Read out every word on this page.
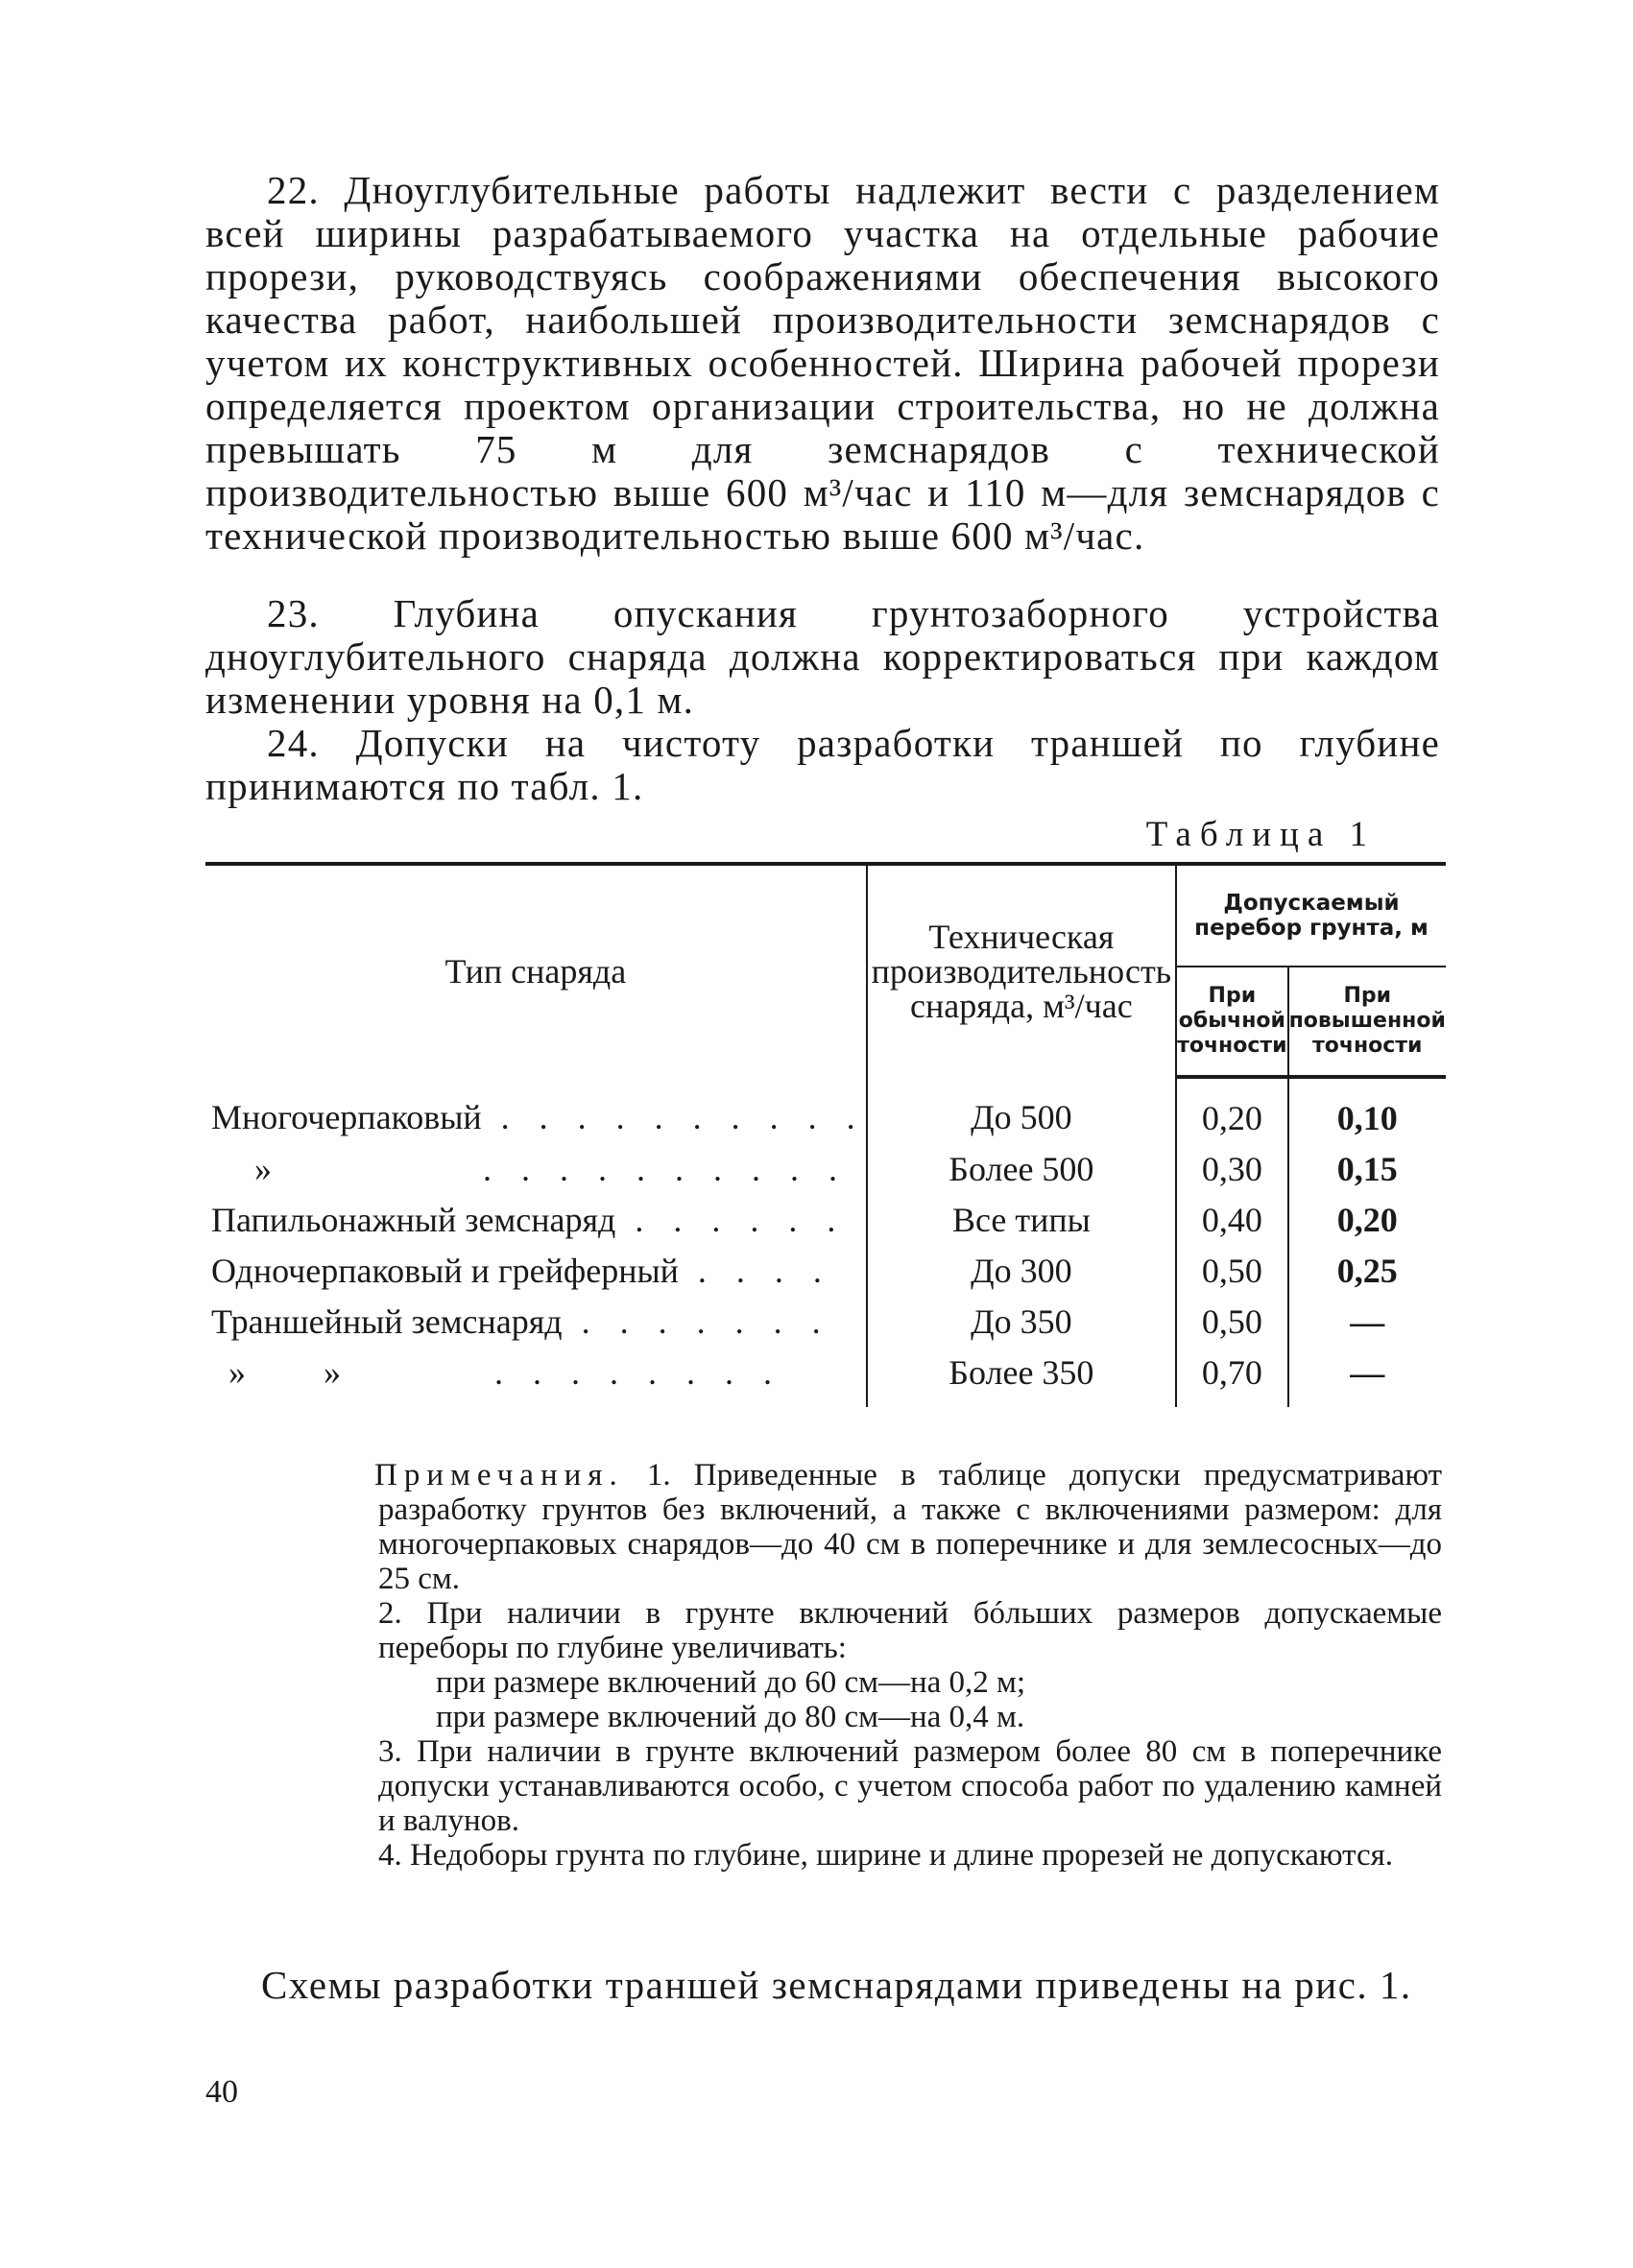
22. Дноуглубительные работы надлежит вести с разделением всей ширины разрабатываемого участка на отдельные рабочие прорези, руководствуясь соображениями обеспечения высокого качества работ, наибольшей производительности земснарядов с учетом их конструктивных особенностей. Ширина рабочей прорези определяется проектом организации строительства, но не должна превышать 75 м для земснарядов с технической производительностью выше 600 м³/час и 110 м—для земснарядов с технической производительностью выше 600 м³/час.

23. Глубина опускания грунтозаборного устройства дноуглубительного снаряда должна корректироваться при каждом изменении уровня на 0,1 м.

24. Допуски на чистоту разработки траншей по глубине принимаются по табл. 1.

Таблица 1
Тип снаряда	Техническая производительность снаряда, м³/час	Допускаемый перебор грунта, м	
		При обычной точности	При повышенной точности
Многочерпаковый . . . . . . . . . .	До 500	0,20	0,10
»           . . . . . . . . . .	Более 500	0,30	0,15
Папильонажный земснаряд . . . . . .	Все типы	0,40	0,20
Одночерпаковый и грейферный . . . .	До 300	0,50	0,25
Траншейный земснаряд . . . . . . .	До 350	0,50	—
»         »        . . . . . . . .	Более 350	0,70	—

Примечания. 1. Приведенные в таблице допуски предусматривают разработку грунтов без включений, а также с включениями размером: для многочерпаковых снарядов—до 40 см в поперечнике и для землесосных—до 25 см.

2. При наличии в грунте включений бóльших размеров допускаемые переборы по глубине увеличивать:

при размере включений до 60 см—на 0,2 м;
при размере включений до 80 см—на 0,4 м.

3. При наличии в грунте включений размером более 80 см в поперечнике допуски устанавливаются особо, с учетом способа работ по удалению камней и валунов.

4. Недоборы грунта по глубине, ширине и длине прорезей не допускаются.

Схемы разработки траншей земснарядами приведены на рис. 1.

40
